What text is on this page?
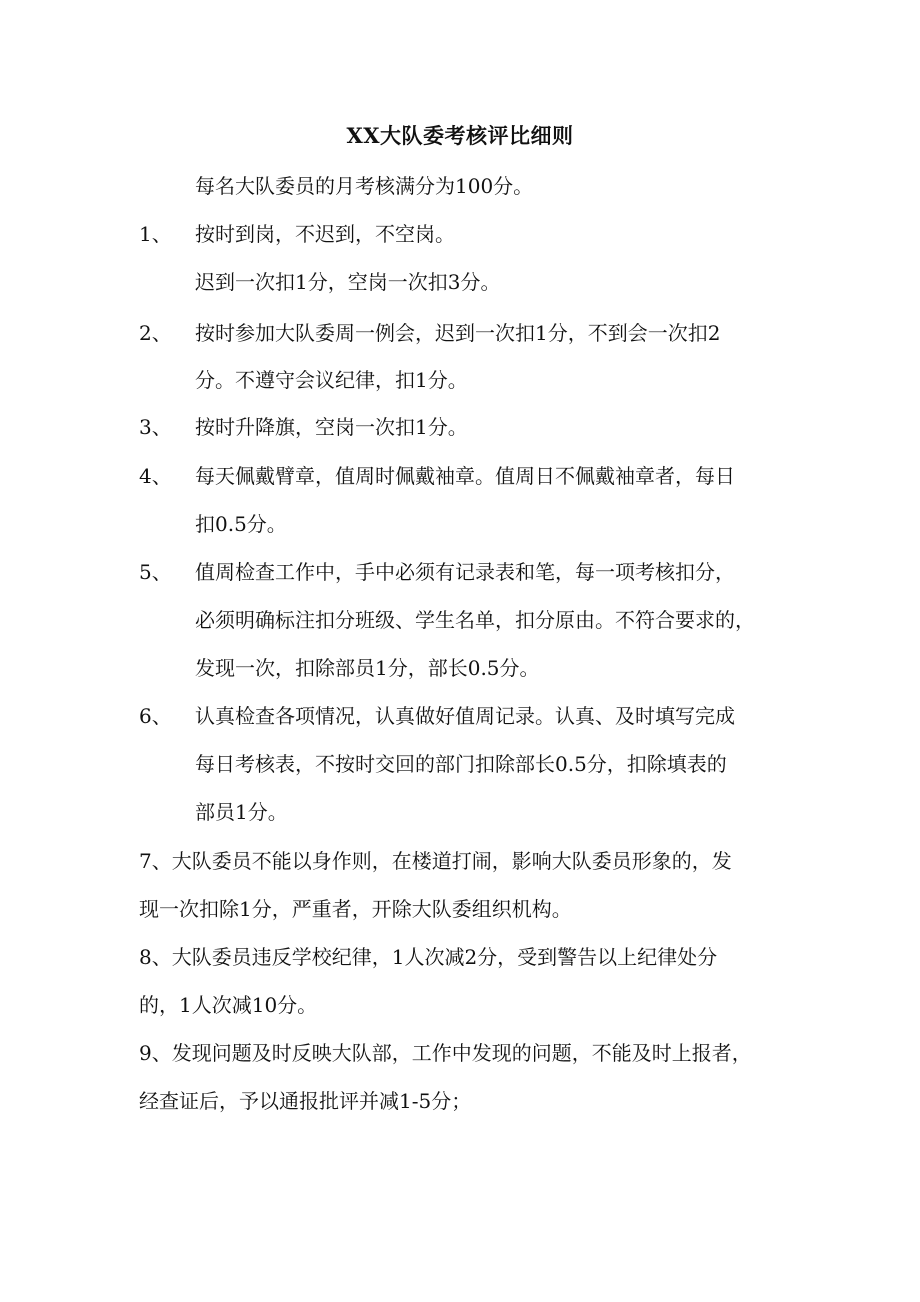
XX大队委考核评比细则
每名大队委员的月考核满分为100分。
1、 按时到岗，不迟到，不空岗。
迟到一次扣1分，空岗一次扣3分。
2、 按时参加大队委周一例会，迟到一次扣1分，不到会一次扣2
分。不遵守会议纪律，扣1分。
3、 按时升降旗，空岗一次扣1分。
4、 每天佩戴臂章，值周时佩戴袖章。值周日不佩戴袖章者，每日
扣0.5分。
5、 值周检查工作中，手中必须有记录表和笔，每一项考核扣分，
必须明确标注扣分班级、学生名单，扣分原由。不符合要求的，
发现一次，扣除部员1分，部长0.5分。
6、 认真检查各项情况，认真做好值周记录。认真、及时填写完成
每日考核表，不按时交回的部门扣除部长0.5分，扣除填表的
部员1分。
7、大队委员不能以身作则，在楼道打闹，影响大队委员形象的，发
现一次扣除1分，严重者，开除大队委组织机构。
8、大队委员违反学校纪律，1人次减2分，受到警告以上纪律处分
的，1人次减10分。
9、发现问题及时反映大队部，工作中发现的问题，不能及时上报者，
经查证后，予以通报批评并减1-5分；
